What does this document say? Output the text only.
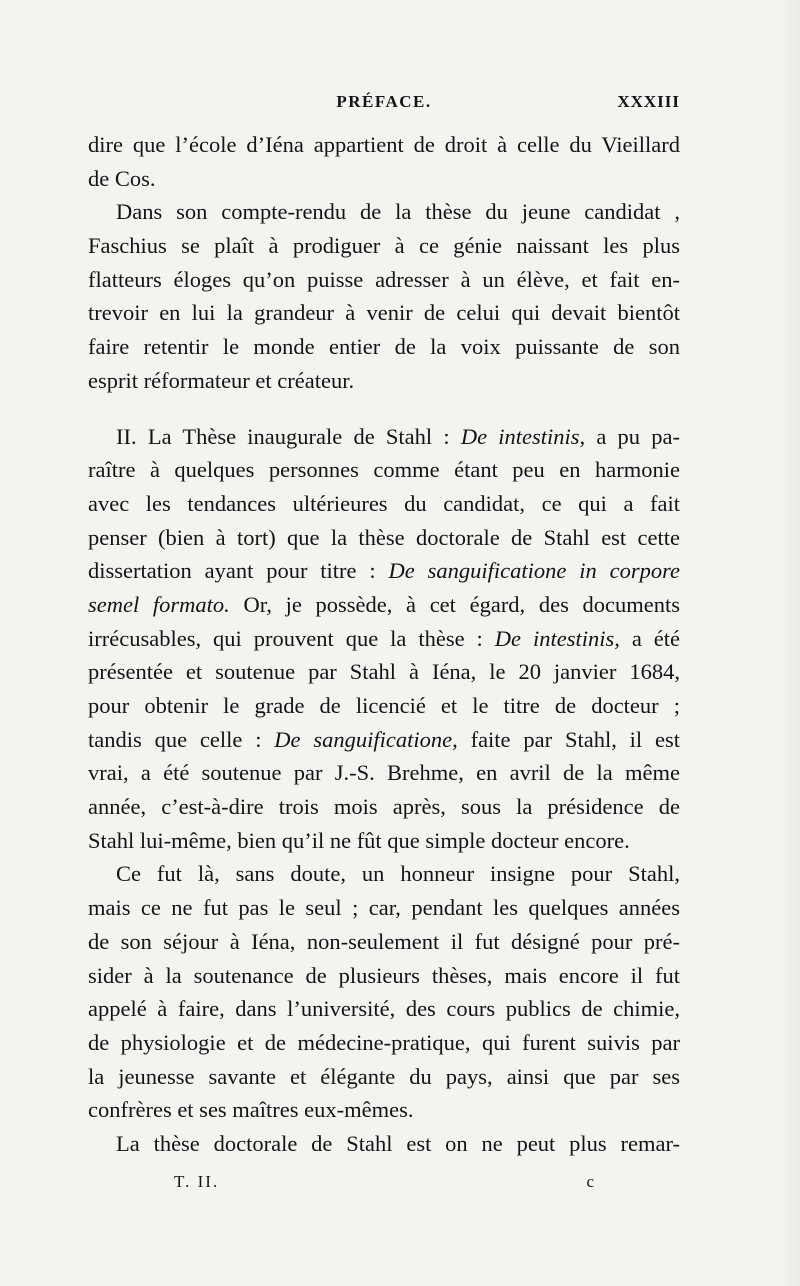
PRÉFACE.	XXXIII
dire que l’école d’Iéna appartient de droit à celle du Vieillard
de Cos.
Dans son compte-rendu de la thèse du jeune candidat ,
Faschius se plaît à prodiguer à ce génie naissant les plus
flatteurs éloges qu’on puisse adresser à un élève, et fait en-
trevoir en lui la grandeur à venir de celui qui devait bientôt
faire retentir le monde entier de la voix puissante de son
esprit réformateur et créateur.
II. La Thèse inaugurale de Stahl : De intestinis, a pu pa-
raître à quelques personnes comme étant peu en harmonie
avec les tendances ultérieures du candidat, ce qui a fait
penser (bien à tort) que la thèse doctorale de Stahl est cette
dissertation ayant pour titre : De sanguificatione in corpore
semel formato. Or, je possède, à cet égard, des documents
irrécusables, qui prouvent que la thèse : De intestinis, a été
présentée et soutenue par Stahl à Iéna, le 20 janvier 1684,
pour obtenir le grade de licencié et le titre de docteur ;
tandis que celle : De sanguificatione, faite par Stahl, il est
vrai, a été soutenue par J.-S. Brehme, en avril de la même
année, c’est-à-dire trois mois après, sous la présidence de
Stahl lui-même, bien qu’il ne fût que simple docteur encore.
Ce fut là, sans doute, un honneur insigne pour Stahl,
mais ce ne fut pas le seul ; car, pendant les quelques années
de son séjour à Iéna, non-seulement il fut désigné pour pré-
sider à la soutenance de plusieurs thèses, mais encore il fut
appelé à faire, dans l’université, des cours publics de chimie,
de physiologie et de médecine-pratique, qui furent suivis par
la jeunesse savante et élégante du pays, ainsi que par ses
confrères et ses maîtres eux-mêmes.
La thèse doctorale de Stahl est on ne peut plus remar-
T. II.	c
